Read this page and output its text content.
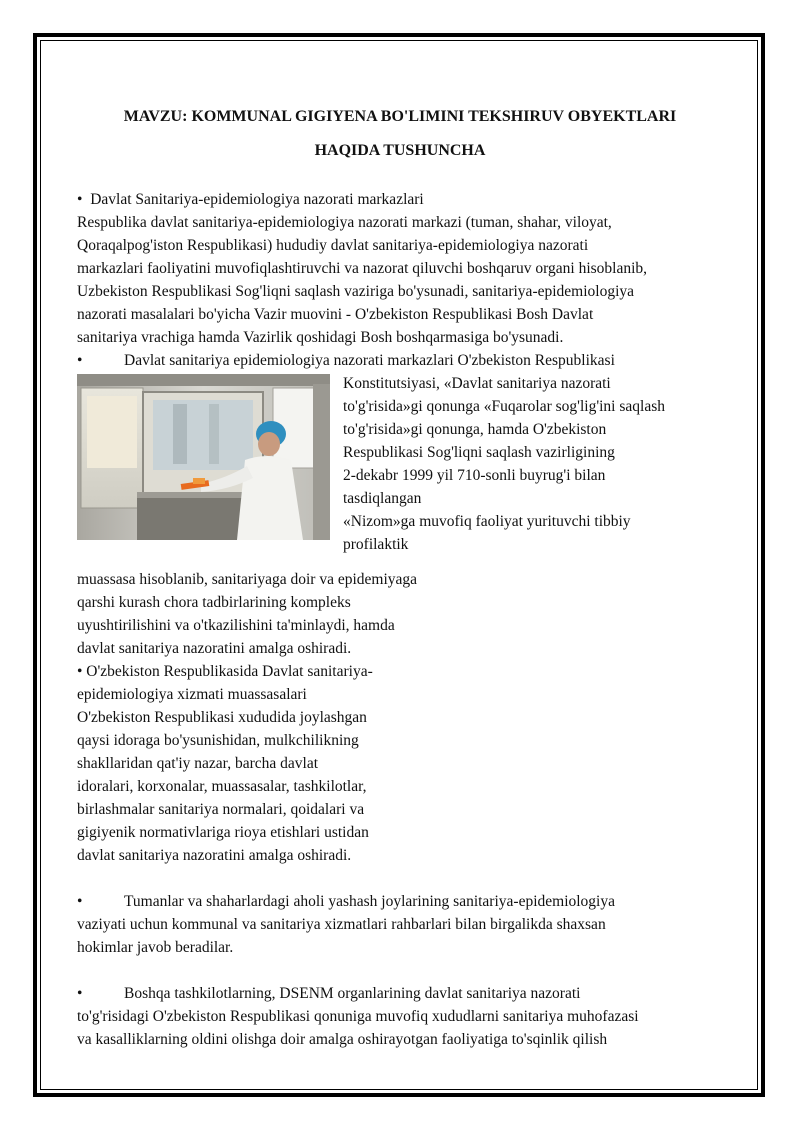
MAVZU: KOMMUNAL GIGIYENA BO'LIMINI TEKSHIRUV OBYEKTLARI
HAQIDA TUSHUNCHA
• Davlat Sanitariya-epidemiologiya nazorati markazlari
Respublika davlat sanitariya-epidemiologiya nazorati markazi (tuman, shahar, viloyat,
Qoraqalpog'iston Respublikasi) hududiy davlat sanitariya-epidemiologiya nazorati
markazlari faoliyatini muvofiqlashtiruvchi va nazorat qiluvchi boshqaruv organi hisoblanib,
Uzbekiston Respublikasi Sog'liqni saqlash vaziriga bo'ysunadi, sanitariya-epidemiologiya
nazorati masalalari bo'yicha Vazir muovini - O'zbekiston Respublikasi Bosh Davlat
sanitariya vrachiga hamda Vazirlik qoshidagi Bosh boshqarmasiga bo'ysunadi.
•	Davlat sanitariya epidemiologiya nazorati markazlari O'zbekiston Respublikasi
Konstitutsiyasi, «Davlat sanitariya nazorati
to'g'risida»gi qonunga «Fuqarolar sog'lig'ini saqlash
to'g'risida»gi qonunga, hamda O'zbekiston
Respublikasi Sog'liqni saqlash vazirligining
2-dekabr 1999 yil 710-sonli buyrug'i bilan
tasdiqlangan
«Nizom»ga muvofiq faoliyat yurituvchi tibbiy
profilaktik
muassasa hisoblanib, sanitariyaga doir va epidemiyaga
qarshi kurash chora tadbirlarining kompleks
uyushtirilishini va o'tkazilishini ta'minlaydi, hamda
davlat sanitariya nazoratini amalga oshiradi.
• O'zbekiston Respublikasida Davlat sanitariya-
epidemiologiya xizmati muassasalari
O'zbekiston Respublikasi xududida joylashgan
qaysi idoraga bo'ysunishidan, mulkchilikning
shakllaridan qat'iy nazar, barcha davlat
idoralari, korxonalar, muassasalar, tashkilotlar,
birlashmalar sanitariya normalari, qoidalari va
gigiyenik normativlariga rioya etishlari ustidan
davlat sanitariya nazoratini amalga oshiradi.
•	Tumanlar va shaharlardagi aholi yashash joylarining sanitariya-epidemiologiya
vaziyati uchun kommunal va sanitariya xizmatlari rahbarlari bilan birgalikda shaxsan
hokimlar javob beradilar.
•	Boshqa tashkilotlarning, DSENM organlarining davlat sanitariya nazorati
to'g'risidagi O'zbekiston Respublikasi qonuniga muvofiq xududlarni sanitariya muhofazasi
va kasalliklarning oldini olishga doir amalga oshirayotgan faoliyatiga to'sqinlik qilish
